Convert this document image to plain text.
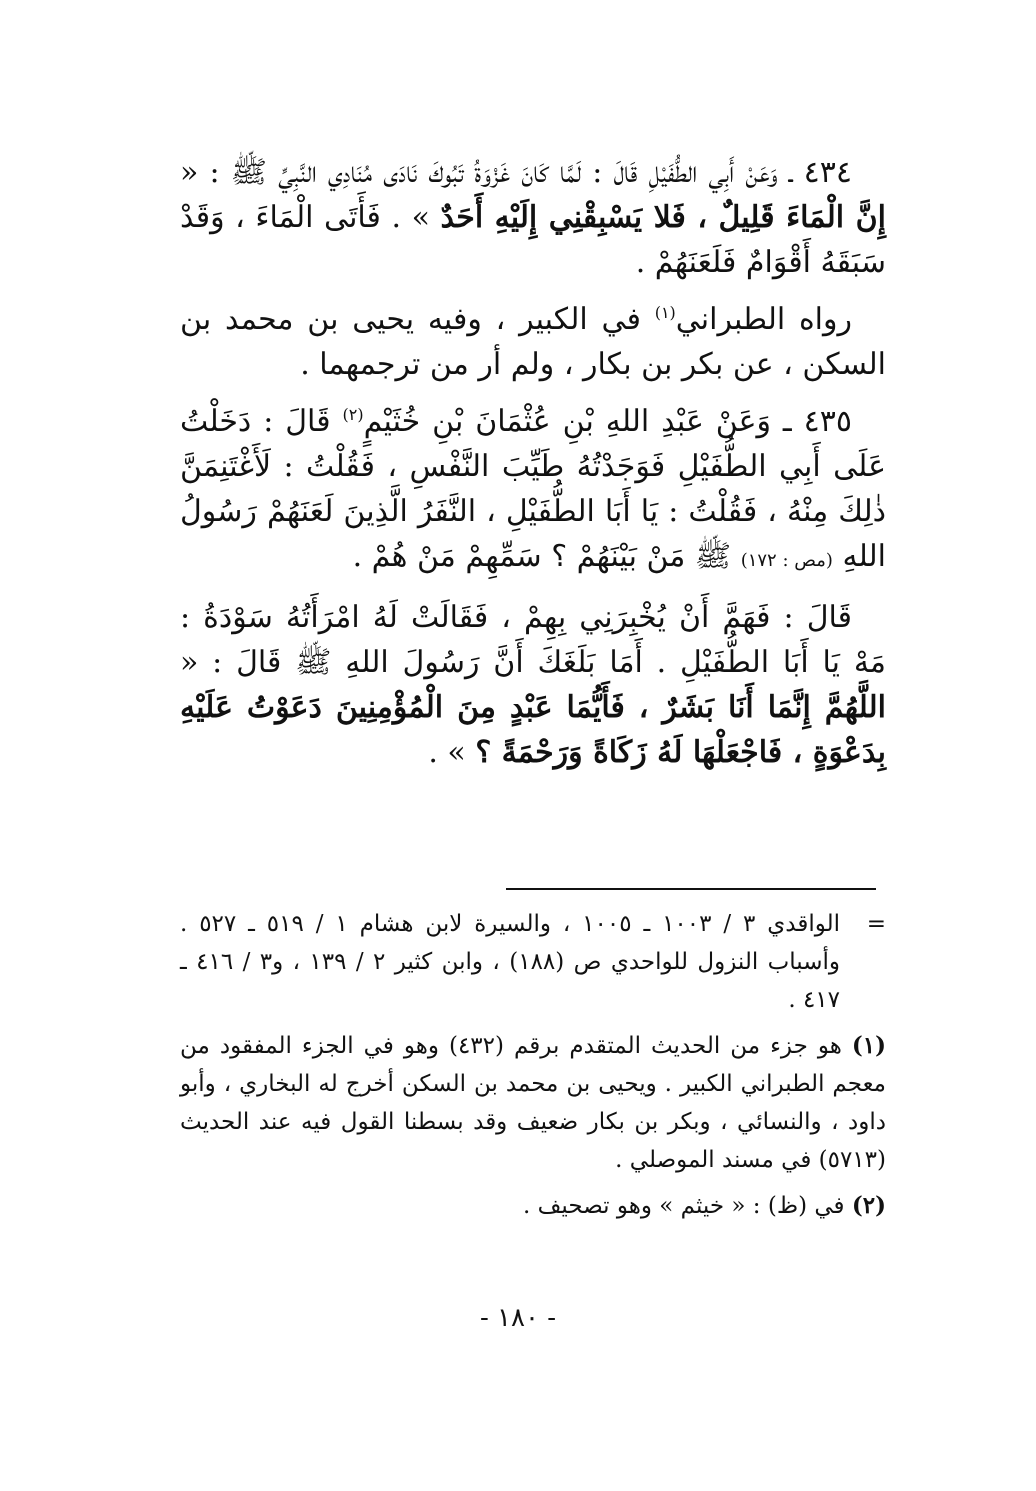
٤٣٤ ـ وَعَنْ أَبِي الطُّفَيْلِ قَالَ : لَمَّا كَانَ غَزْوَةُ تَبُوكَ نَادَى مُنَادِي النَّبِيِّ ﷺ : « إِنَّ الْمَاءَ قَلِيلٌ ، فَلا يَسْبِقْنِي إِلَيْهِ أَحَدٌ » . فَأَتَى الْمَاءَ ، وَقَدْ سَبَقَهُ أَقْوَامٌ فَلَعَنَهُمْ .

رواه الطبراني$^{(١)}$ في الكبير ، وفيه يحيى بن محمد بن السكن ، عن بكر بن بكار ، ولم أر من ترجمهما .

٤٣٥ ـ وَعَنْ عَبْدِ اللهِ بْنِ عُثْمَانَ بْنِ خُثَيْمٍ$^{(٢)}$ قَالَ : دَخَلْتُ عَلَى أَبِي الطُّفَيْلِ فَوَجَدْتُهُ طَيِّبَ النَّفْسِ ، فَقُلْتُ : لَأَغْتَنِمَنَّ ذٰلِكَ مِنْهُ ، فَقُلْتُ : يَا أَبَا الطُّفَيْلِ ، النَّفَرُ الَّذِينَ لَعَنَهُمْ رَسُولُ اللهِ (مص : ١٧٢) ﷺ مَنْ بَيْنَهُمْ ؟ سَمِّهِمْ مَنْ هُمْ .

قَالَ : فَهَمَّ أَنْ يُخْبِرَنِي بِهِمْ ، فَقَالَتْ لَهُ امْرَأَتُهُ سَوْدَةُ : مَهْ يَا أَبَا الطُّفَيْلِ . أَمَا بَلَغَكَ أَنَّ رَسُولَ اللهِ ﷺ قَالَ : « اللَّهُمَّ إِنَّمَا أَنَا بَشَرٌ ، فَأَيُّمَا عَبْدٍ مِنَ الْمُؤْمِنِينَ دَعَوْتُ عَلَيْهِ بِدَعْوَةٍ ، فَاجْعَلْهَا لَهُ زَكَاةً وَرَحْمَةً ؟ » .

=
الواقدي ٣ / ١٠٠٣ ـ ١٠٠٥ ، والسيرة لابن هشام ١ / ٥١٩ ـ ٥٢٧ . وأسباب النزول للواحدي ص (١٨٨) ، وابن كثير ٢ / ١٣٩ ، و٣ / ٤١٦ ـ ٤١٧ .

(١) هو جزء من الحديث المتقدم برقم (٤٣٢) وهو في الجزء المفقود من معجم الطبراني الكبير . ويحيى بن محمد بن السكن أخرج له البخاري ، وأبو داود ، والنسائي ، وبكر بن بكار ضعيف وقد بسطنا القول فيه عند الحديث (٥٧١٣) في مسند الموصلي .

(٢) في (ظ) : « خيثم » وهو تصحيف .

- ١٨٠ -
